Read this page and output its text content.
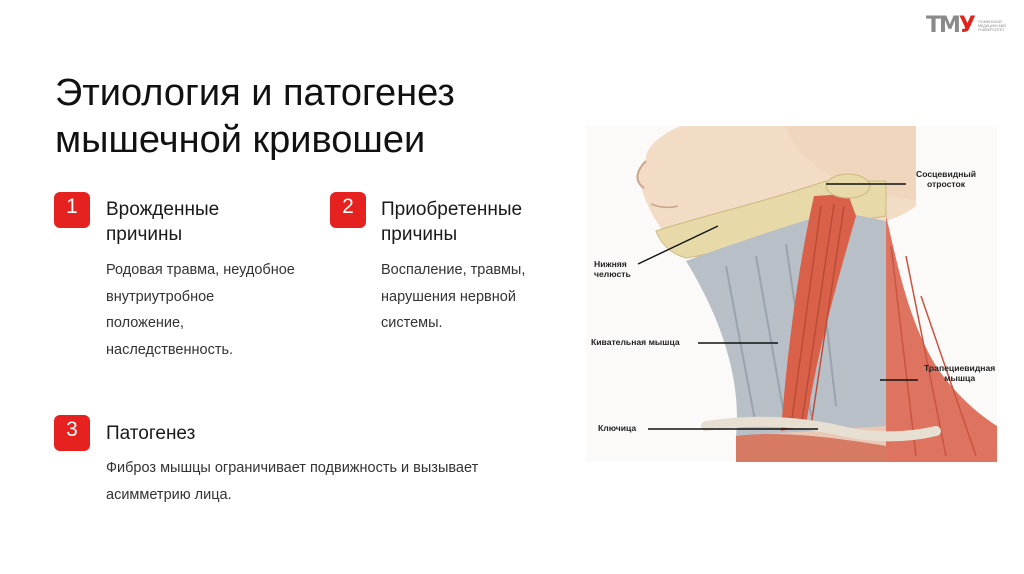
ТМ У ТЮМЕНСКИЙ МЕДИЦИНСКИЙ УНИВЕРСИТЕТ
Этиология и патогенез
мышечной кривошеи
1	Врожденные
причины
Родовая травма, неудобное
внутриутробное
положение,
наследственность.
2	Приобретенные
причины
Воспаление, травмы,
нарушения нервной
системы.
3	Патогенез
Фиброз мышцы ограничивает подвижность и вызывает
асимметрию лица.
Сосцевидный
отросток
Нижняя
челюсть
Кивательная мышца
Трапециевидная
мышца
Ключица
